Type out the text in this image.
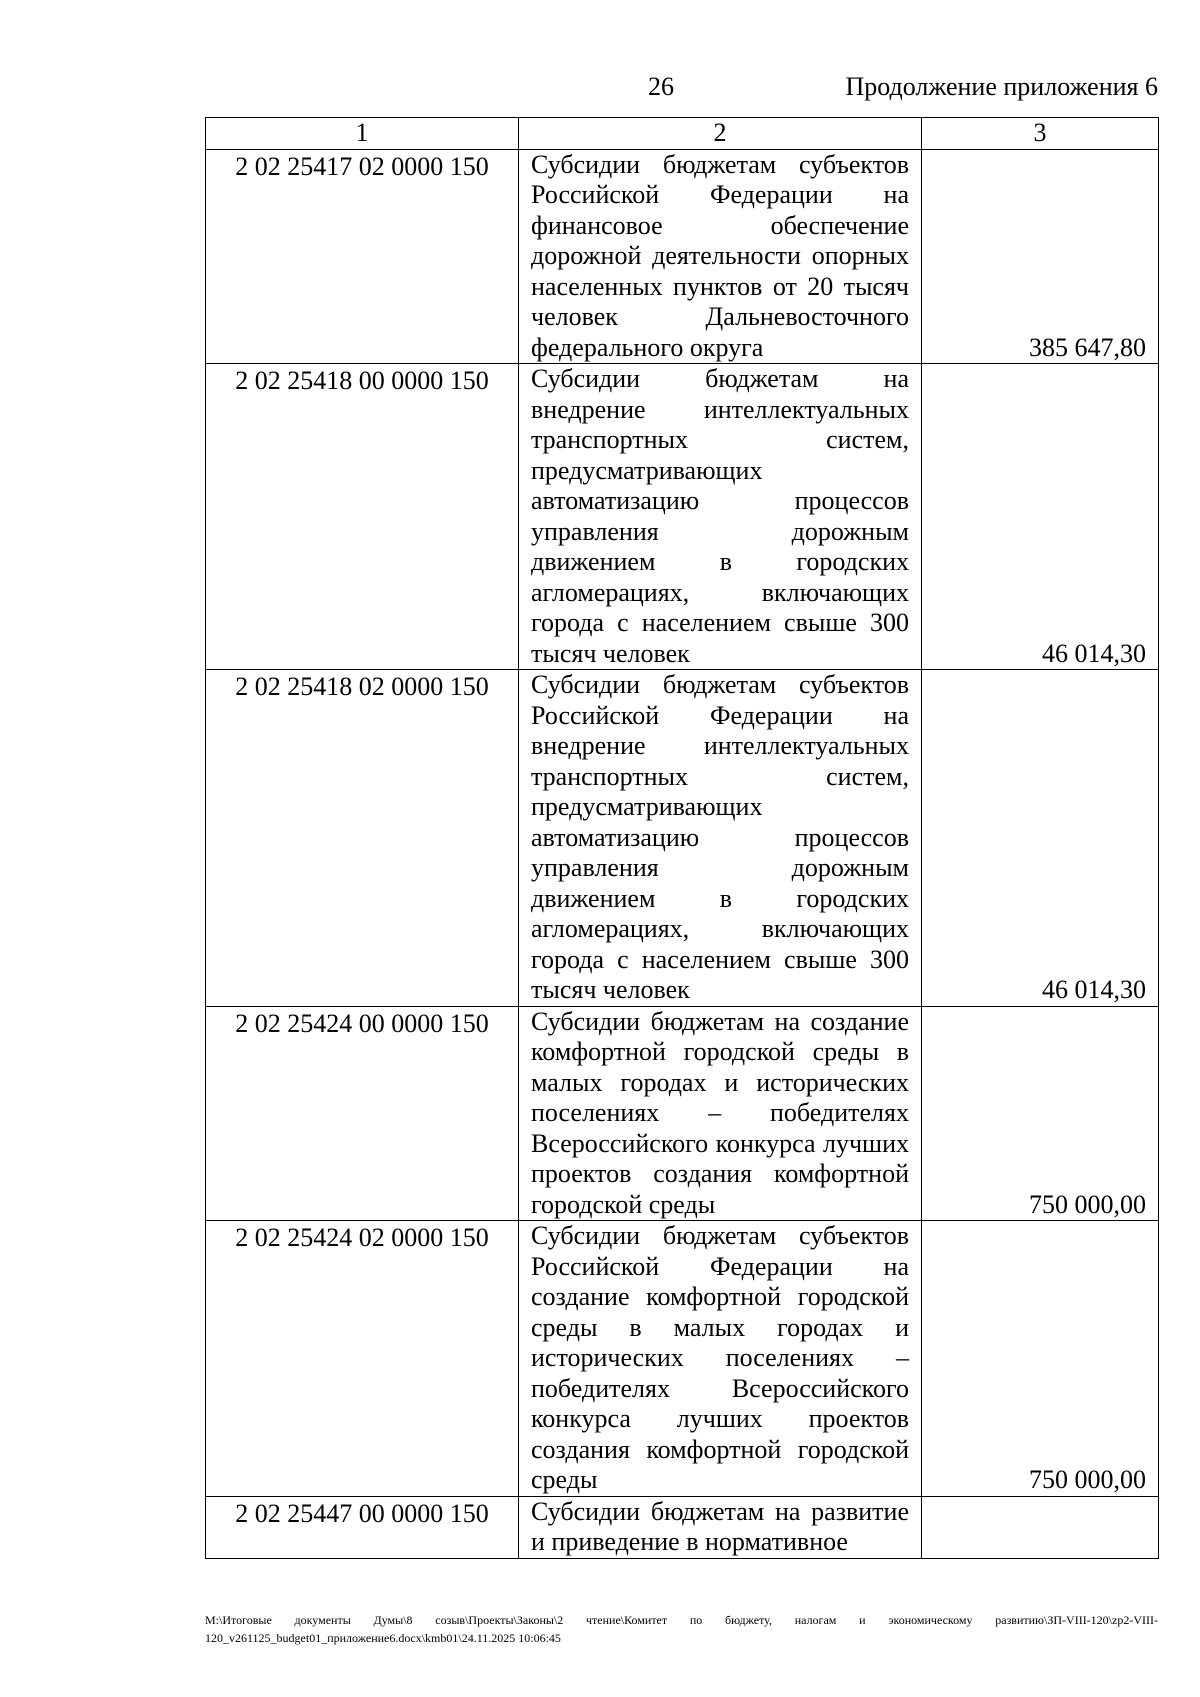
26	Продолжение приложения 6
1	2	3
2 02 25417 02 0000 150	Субсидии бюджетам субъектов Российской Федерации на финансовое обеспечение дорожной деятельности опорных населенных пунктов от 20 тысяч человек Дальневосточного федерального округа	385 647,80
2 02 25418 00 0000 150	Субсидии бюджетам на внедрение интеллектуальных транспортных систем, предусматривающих автоматизацию процессов управления дорожным движением в городских агломерациях, включающих города с населением свыше 300 тысяч человек	46 014,30
2 02 25418 02 0000 150	Субсидии бюджетам субъектов Российской Федерации на внедрение интеллектуальных транспортных систем, предусматривающих автоматизацию процессов управления дорожным движением в городских агломерациях, включающих города с населением свыше 300 тысяч человек	46 014,30
2 02 25424 00 0000 150	Субсидии бюджетам на создание комфортной городской среды в малых городах и исторических поселениях – победителях Всероссийского конкурса лучших проектов создания комфортной городской среды	750 000,00
2 02 25424 02 0000 150	Субсидии бюджетам субъектов Российской Федерации на создание комфортной городской среды в малых городах и исторических поселениях – победителях Всероссийского конкурса лучших проектов создания комфортной городской среды	750 000,00
2 02 25447 00 0000 150	Субсидии бюджетам на развитие и приведение в нормативное	
M:\Итоговые документы Думы\8 созыв\Проекты\Законы\2 чтение\Комитет по бюджету, налогам и экономическому развитию\ЗП-VIII-120\zp2-VIII-120_v261125_budget01_приложение6.docx\kmb01\24.11.2025 10:06:45
